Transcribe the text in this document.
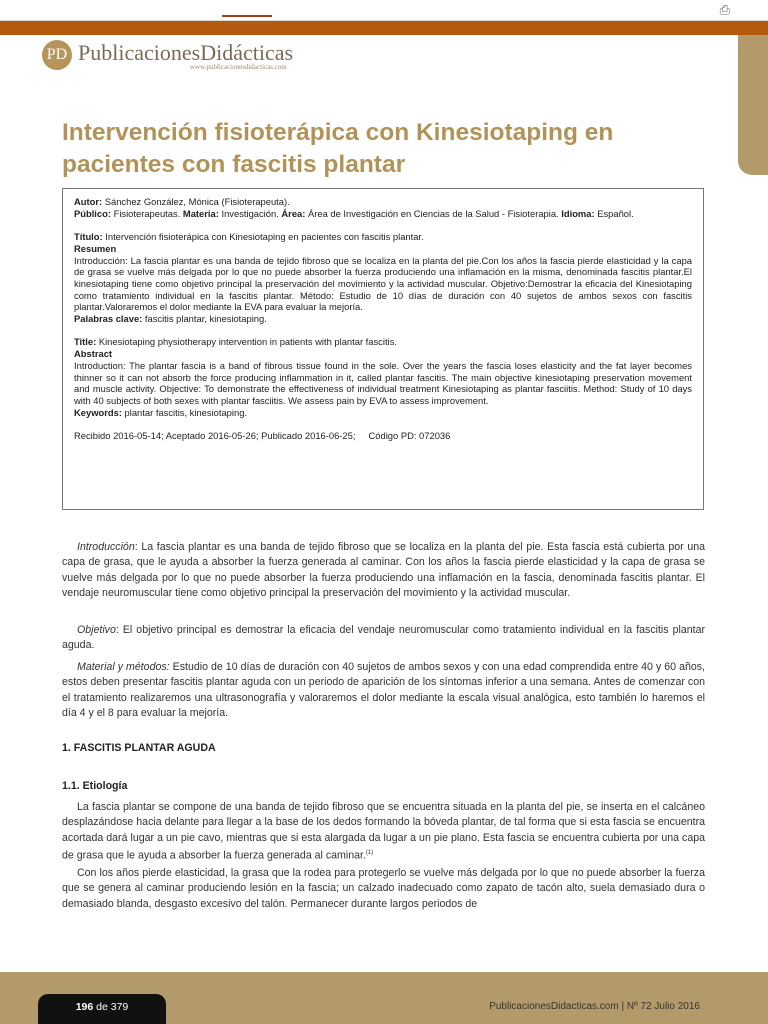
⎙
PD PublicacionesDidácticas
www.publicacionesdidacticas.com
Intervención fisioterápica con Kinesiotaping en pacientes con fascitis plantar

Autor: Sánchez González, Mónica (Fisioterapeuta).

Público: Fisioterapeutas. Materia: Investigación. Área: Área de Investigación en Ciencias de la Salud - Fisioterapia. Idioma: Español.

Título: Intervención fisioterápica con Kinesiotaping en pacientes con fascitis plantar.

Resumen

Introducción: La fascia plantar es una banda de tejido fibroso que se localiza en la planta del pie.Con los años la fascia pierde elasticidad y la capa de grasa se vuelve más delgada por lo que no puede absorber la fuerza produciendo una inflamación en la misma, denominada fascitis plantar.El kinesiotaping tiene como objetivo principal la preservación del movimiento y la actividad muscular. Objetivo:Demostrar la eficacia del Kinesiotaping como tratamiento individual en la fascitis plantar. Método: Estudio de 10 días de duración con 40 sujetos de ambos sexos con fascitis plantar.Valoraremos el dolor mediante la EVA para evaluar la mejoría.

Palabras clave: fascitis plantar, kinesiotaping.

Title: Kinesiotaping physiotherapy intervention in patients with plantar fascitis.

Abstract

Introduction: The plantar fascia is a band of fibrous tissue found in the sole. Over the years the fascia loses elasticity and the fat layer becomes thinner so it can not absorb the force producing inflammation in it, called plantar fascitis. The main objective kinesiotaping preservation movement and muscle activity. Objective: To demonstrate the effectiveness of individual treatment Kinesiotaping as plantar fasciitis. Method: Study of 10 days with 40 subjects of both sexes with plantar fasciitis. We assess pain by EVA to assess improvement.

Keywords: plantar fascitis, kinesiotaping.

Recibido 2016-05-14; Aceptado 2016-05-26; Publicado 2016-06-25; Código PD: 072036

Introducción: La fascia plantar es una banda de tejido fibroso que se localiza en la planta del pie. Esta fascia está cubierta por una capa de grasa, que le ayuda a absorber la fuerza generada al caminar. Con los años la fascia pierde elasticidad y la capa de grasa se vuelve más delgada por lo que no puede absorber la fuerza produciendo una inflamación en la fascia, denominada fascitis plantar. El vendaje neuromuscular tiene como objetivo principal la preservación del movimiento y la actividad muscular.
Objetivo: El objetivo principal es demostrar la eficacia del vendaje neuromuscular como tratamiento individual en la fascitis plantar aguda.
Material y métodos: Estudio de 10 días de duración con 40 sujetos de ambos sexos y con una edad comprendida entre 40 y 60 años, estos deben presentar fascitis plantar aguda con un periodo de aparición de los síntomas inferior a una semana. Antes de comenzar con el tratamiento realizaremos una ultrasonografía y valoraremos el dolor mediante la escala visual analógica, esto también lo haremos el día 4 y el 8 para evaluar la mejoría.
1. FASCITIS PLANTAR AGUDA
1.1. Etiología
La fascia plantar se compone de una banda de tejido fibroso que se encuentra situada en la planta del pie, se inserta en el calcáneo desplazándose hacia delante para llegar a la base de los dedos formando la bóveda plantar, de tal forma que si esta fascia se encuentra acortada dará lugar a un pie cavo, mientras que si esta alargada da lugar a un pie plano. Esta fascia se encuentra cubierta por una capa de grasa que le ayuda a absorber la fuerza generada al caminar.$^{(1)}$
Con los años pierde elasticidad, la grasa que la rodea para protegerlo se vuelve más delgada por lo que no puede absorber la fuerza que se genera al caminar produciendo lesión en la fascia; un calzado inadecuado como zapato de tacón alto, suela demasiado dura o demasiado blanda, desgasto excesivo del talón. Permanecer durante largos periodos de
196 de 379	PublicacionesDidacticas.com | Nº 72 Julio 2016
